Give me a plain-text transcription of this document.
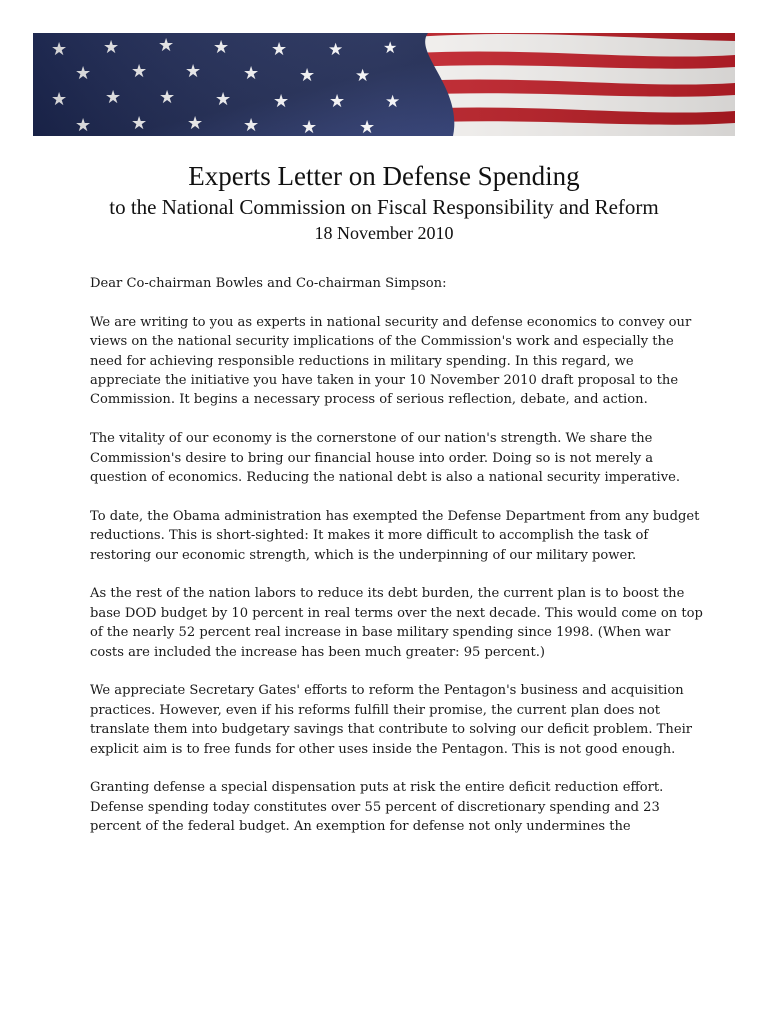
Experts Letter on Defense Spending
to the National Commission on Fiscal Responsibility and Reform
18 November 2010

Dear Co-chairman Bowles and Co-chairman Simpson:

We are writing to you as experts in national security and defense economics to convey our views on the national security implications of the Commission's work and especially the need for achieving responsible reductions in military spending. In this regard, we appreciate the initiative you have taken in your 10 November 2010 draft proposal to the Commission. It begins a necessary process of serious reflection, debate, and action.

The vitality of our economy is the cornerstone of our nation's strength. We share the Commission's desire to bring our financial house into order. Doing so is not merely a question of economics. Reducing the national debt is also a national security imperative.

To date, the Obama administration has exempted the Defense Department from any budget reductions. This is short-sighted: It makes it more difficult to accomplish the task of restoring our economic strength, which is the underpinning of our military power.

As the rest of the nation labors to reduce its debt burden, the current plan is to boost the base DOD budget by 10 percent in real terms over the next decade. This would come on top of the nearly 52 percent real increase in base military spending since 1998. (When war costs are included the increase has been much greater: 95 percent.)

We appreciate Secretary Gates' efforts to reform the Pentagon's business and acquisition practices. However, even if his reforms fulfill their promise, the current plan does not translate them into budgetary savings that contribute to solving our deficit problem. Their explicit aim is to free funds for other uses inside the Pentagon. This is not good enough.

Granting defense a special dispensation puts at risk the entire deficit reduction effort. Defense spending today constitutes over 55 percent of discretionary spending and 23 percent of the federal budget. An exemption for defense not only undermines the
